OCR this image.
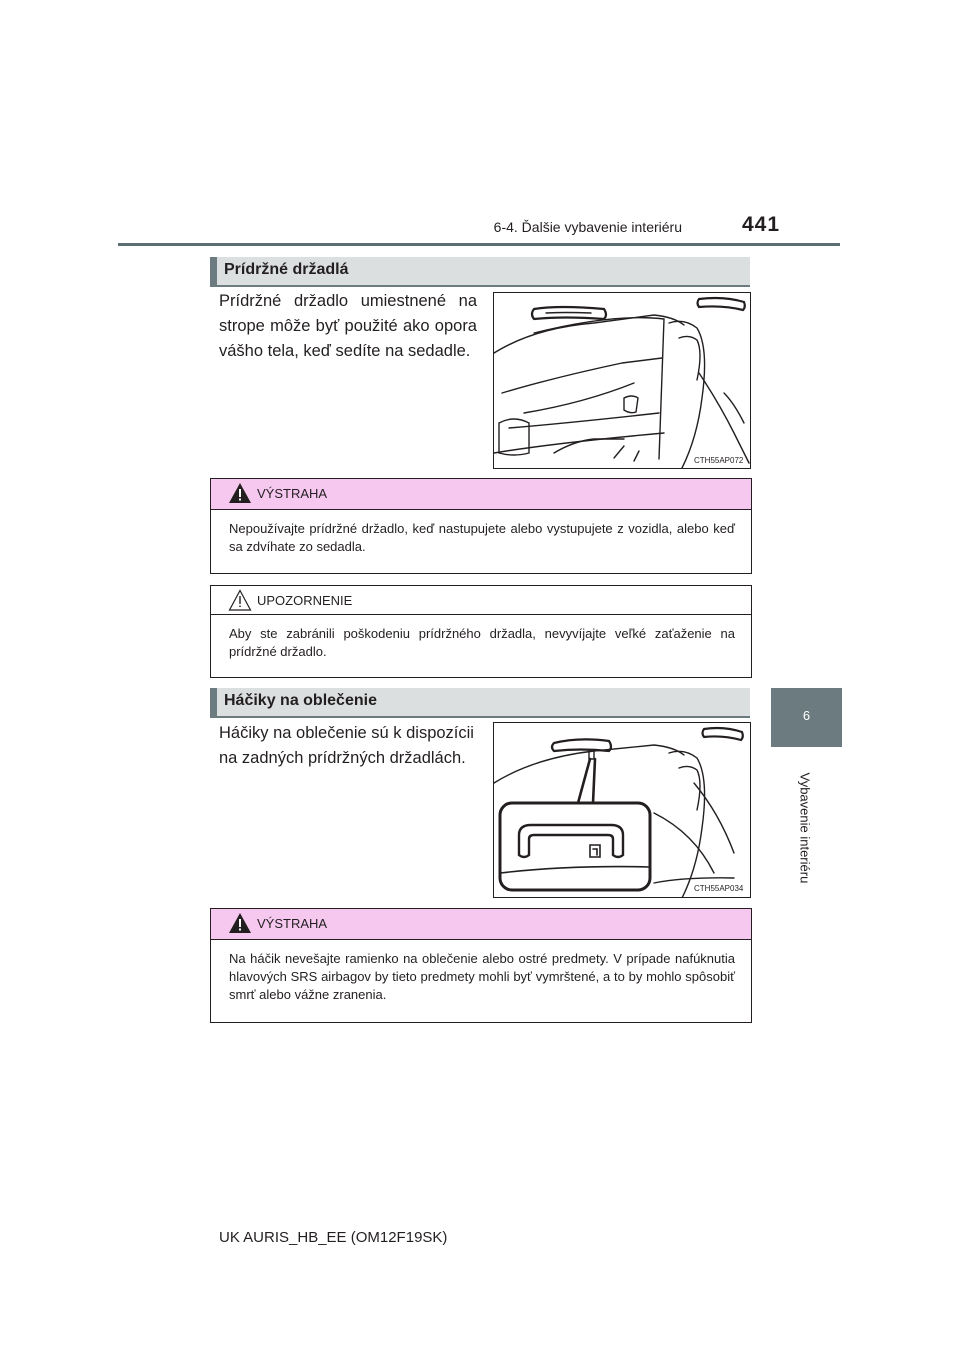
6-4. Ďalšie vybavenie interiéru	441
6
Vybavenie interiéru
Prídržné držadlá
Prídržné držadlo umiestnené na strope môže byť použité ako opora vášho tela, keď sedíte na sedadle.
CTH55AP072
VÝSTRAHA
Nepoužívajte prídržné držadlo, keď nastupujete alebo vystupujete z vozidla, alebo keď sa zdvíhate zo sedadla.
UPOZORNENIE
Aby ste zabránili poškodeniu prídržného držadla, nevyvíjajte veľké zaťaženie na prídržné držadlo.
Háčiky na oblečenie
Háčiky na oblečenie sú k dispozícii na zadných prídržných držadlách.
CTH55AP034
VÝSTRAHA
Na háčik nevešajte ramienko na oblečenie alebo ostré predmety. V prípade nafúknutia hlavových SRS airbagov by tieto predmety mohli byť vymrštené, a to by mohlo spôsobiť smrť alebo vážne zranenia.
UK AURIS_HB_EE (OM12F19SK)
